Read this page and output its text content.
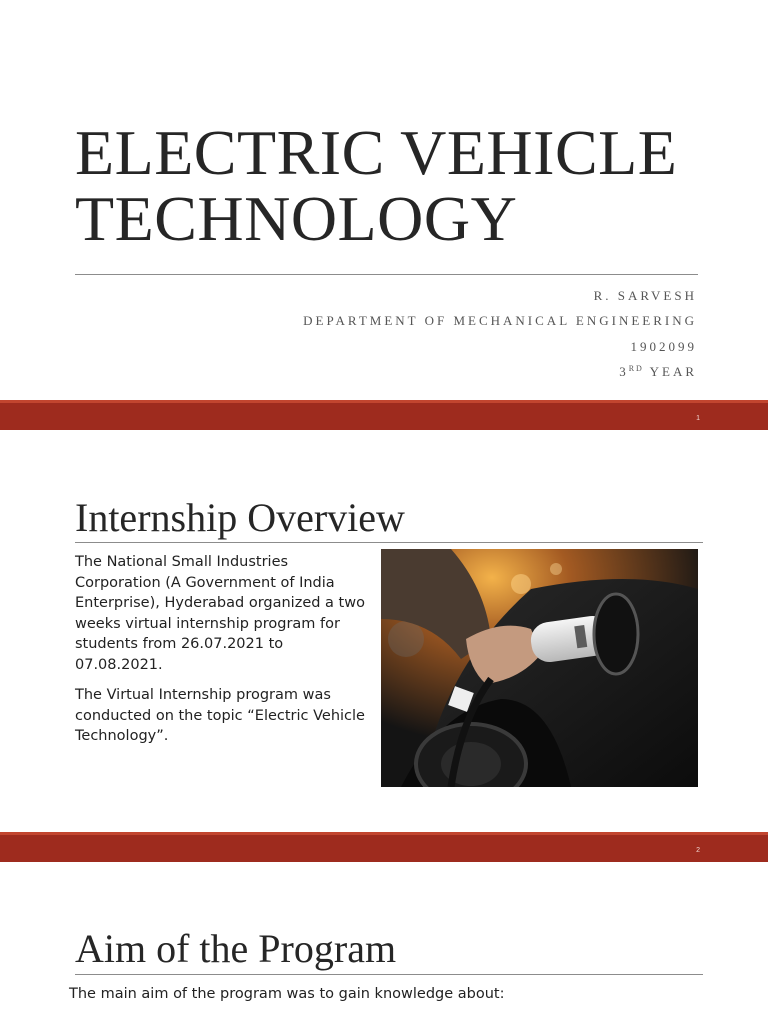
ELECTRIC VEHICLE TECHNOLOGY
R. SARVESH
DEPARTMENT OF MECHANICAL ENGINEERING
1902099
3RD YEAR
1
Internship Overview

The National Small Industries Corporation (A Government of India Enterprise), Hyderabad organized a two weeks virtual internship program for students from 26.07.2021 to 07.08.2021.

The Virtual Internship program was conducted on the topic “Electric Vehicle Technology”.

2
Aim of the Program
The main aim of the program was to gain knowledge about:
